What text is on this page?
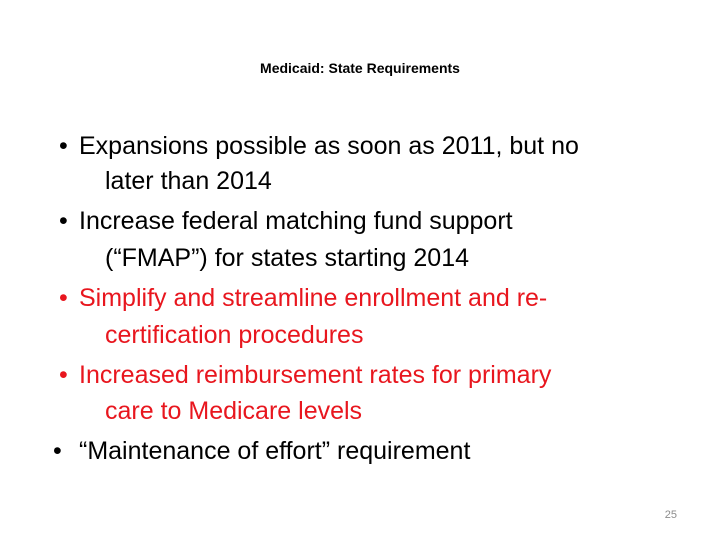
Medicaid: State Requirements
• Expansions possible as soon as 2011, but no
later than 2014
• Increase federal matching fund support
(“FMAP”) for states starting 2014
• Simplify and streamline enrollment and re-
certification procedures
• Increased reimbursement rates for primary
care to Medicare levels
• “Maintenance of effort” requirement
25
